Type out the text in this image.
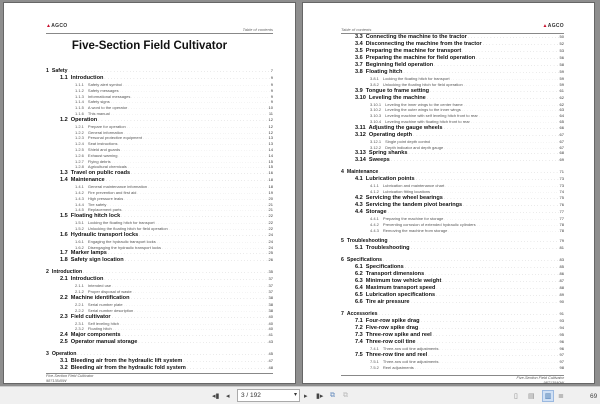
▲AGCO
Table of contents
Five-Section Field Cultivator
1 Safety . . .	7
1.1 Introduction . . .	9
1.1.1 Safety alert symbol . . .	9
1.1.2 Safety messages . . .	9
1.1.3 Informational messages . . .	9
1.1.4 Safety signs . . .	9
1.1.5 A word to the operator . . .	10
1.1.6 This manual . . .	11
1.2 Operation . . .	12
1.2.1 Prepare for operation . . .	12
1.2.2 General information . . .	12
1.2.3 Personal protective equipment . . .	13
1.2.4 Seat instructions . . .	13
1.2.5 Shield and guards . . .	14
1.2.6 Exhaust warning . . .	14
1.2.7 Flying debris . . .	15
1.2.8 Agricultural chemicals . . .	15
1.3 Travel on public roads . . .	16
1.4 Maintenance . . .	18
1.4.1 General maintenance information . . .	18
1.4.2 Fire prevention and first aid . . .	19
1.4.3 High pressure leaks . . .	20
1.4.4 Tire safety . . .	21
1.4.5 Replacement parts . . .	21
1.5 Floating hitch lock . . .	22
1.5.1 Locking the floating hitch for transport . . .	22
1.5.2 Unlocking the floating hitch for field operation . . .	22
1.6 Hydraulic transport locks . . .	24
1.6.1 Engaging the hydraulic transport locks . . .	24
1.6.2 Disengaging the hydraulic transport locks . . .	24
1.7 Marker lamps . . .	25
1.8 Safety sign location . . .	26
2 Introduction . . .	35
2.1 Introduction . . .	37
2.1.1 Intended use . . .	37
2.1.2 Proper disposal of waste . . .	37
2.2 Machine identification . . .	38
2.2.1 Serial number plate . . .	38
2.2.2 Serial number description . . .	38
2.3 Field cultivator . . .	40
2.3.1 Self leveling hitch . . .	40
2.3.2 Floating hitch . . .	40
2.4 Major components . . .	41
2.5 Operator manual storage . . .	43
3 Operation . . .	45
3.1 Bleeding air from the hydraulic lift system . . .	47
3.2 Bleeding air from the hydraulic fold system . . .	48
Five-Section Field Cultivator
98713540W
Table of contents
▲AGCO
3.3 Connecting the machine to the tractor . . .	50
3.4 Disconnecting the machine from the tractor . . .	52
3.5 Preparing the machine for transport . . .	53
3.6 Preparing the machine for field operation . . .	56
3.7 Beginning field operation . . .	58
3.8 Floating hitch . . .	59
3.8.1 Locking the floating hitch for transport . . .	59
3.8.2 Unlocking the floating hitch for field operation . . .	59
3.9 Tongue to frame setting . . .	61
3.10 Leveling the machine . . .	62
3.10.1 Leveling the inner wings to the center frame . . .	62
3.10.2 Leveling the outer wings to the inner wings . . .	63
3.10.3 Leveling machine with self leveling hitch front to rear . . .	64
3.10.4 Leveling machine with floating hitch front to rear . . .	65
3.11 Adjusting the gauge wheels . . .	66
3.12 Operating depth . . .	67
3.12.1 Single point depth control . . .	67
3.12.2 Depth indicator and depth gauge . . .	67
3.13 Spring shanks . . .	68
3.14 Sweeps . . .	69
4 Maintenance . . .	71
4.1 Lubrication points . . .	73
4.1.1 Lubrication and maintenance chart . . .	73
4.1.2 Lubrication fitting locations . . .	74
4.2 Servicing the wheel bearings . . .	75
4.3 Servicing the tandem pivot bearings . . .	76
4.4 Storage . . .	77
4.4.1 Preparing the machine for storage . . .	77
4.4.2 Preventing corrosion of extended hydraulic cylinders . . .	78
4.4.3 Removing the machine from storage . . .	78
5 Troubleshooting . . .	79
5.1 Troubleshooting . . .	81
6 Specifications . . .	83
6.1 Specifications . . .	85
6.2 Transport dimensions . . .	86
6.3 Minimum tow vehicle weight . . .	87
6.4 Maximum transport speed . . .	88
6.5 Lubrication specifications . . .	89
6.6 Tire air pressure . . .	90
7 Accessories . . .	91
7.1 Four-row spike drag . . .	93
7.2 Five-row spike drag . . .	94
7.3 Three-row spike and reel . . .	95
7.4 Three-row coil tine . . .	96
7.4.1 Three-row coil tine adjustments . . .	96
7.5 Three-row tine and reel . . .	97
7.5.1 Three-row coil tine adjustments . . .	97
7.5.2 Reel adjustments . . .	98
Five-Section Field Cultivator
98713540W
◂▮ ◂	3 / 192	▾ ▸ ▮▸ ⧉ ⧉	▯ ▤	▥ ≣	69
